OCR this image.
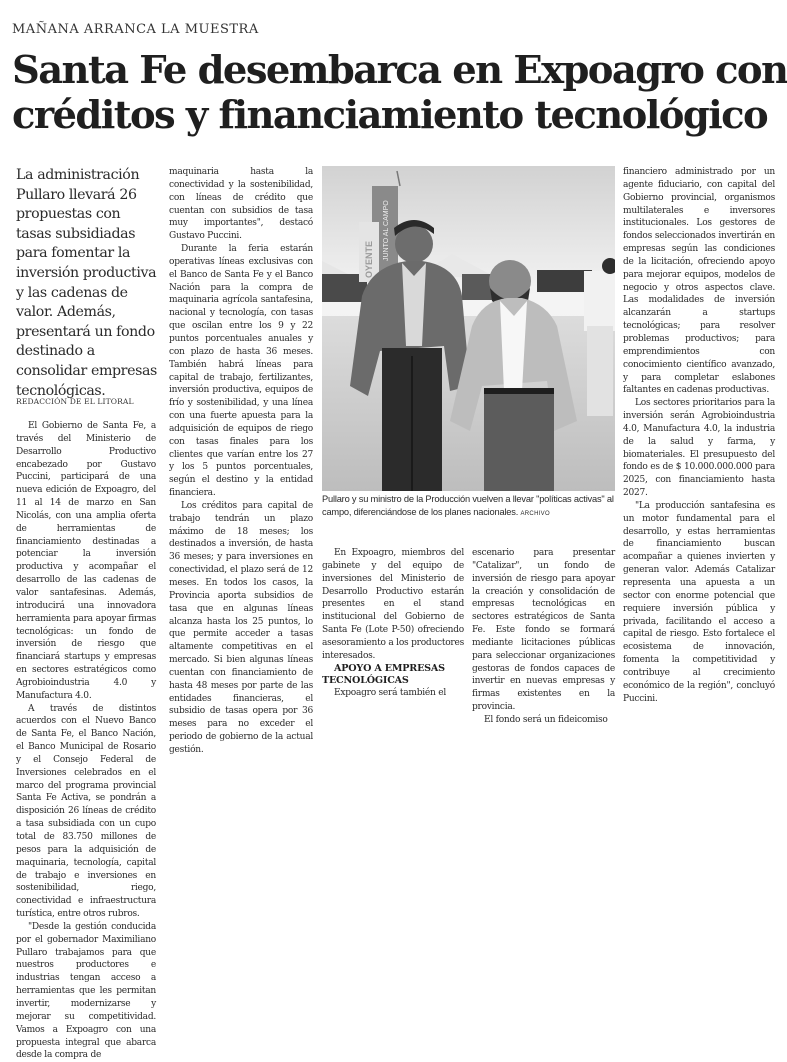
MAÑANA ARRANCA LA MUESTRA
Santa Fe desembarca en Expoagro con
créditos y financiamiento tecnológico

La administración Pullaro llevará 26 propuestas con tasas subsidiadas para fomentar la inversión productiva y las cadenas de valor. Además, presentará un fondo destinado a consolidar empresas tecnológicas.

REDACCIÓN DE EL LITORAL

El Gobierno de Santa Fe, a través del Ministerio de Desarrollo Productivo encabezado por Gustavo Puccini, participará de una nueva edición de Expoagro, del 11 al 14 de marzo en San Nicolás, con una amplia oferta de herramientas de financiamiento destinadas a potenciar la inversión productiva y acompañar el desarrollo de las cadenas de valor santafesinas. Además, introducirá una innovadora herramienta para apoyar firmas tecnológicas: un fondo de inversión de riesgo que financiará startups y empresas en sectores estratégicos como Agrobioindustria 4.0 y Manufactura 4.0.

A través de distintos acuerdos con el Nuevo Banco de Santa Fe, el Banco Nación, el Banco Municipal de Rosario y el Consejo Federal de Inversiones celebrados en el marco del programa provincial Santa Fe Activa, se pondrán a disposición 26 líneas de crédito a tasa subsidiada con un cupo total de 83.750 millones de pesos para la adquisición de maquinaria, tecnología, capital de trabajo e inversiones en sostenibilidad, riego, conectividad e infraestructura turística, entre otros rubros.

"Desde la gestión conducida por el gobernador Maximiliano Pullaro trabajamos para que nuestros productores e industrias tengan acceso a herramientas que les permitan invertir, modernizarse y mejorar su competitividad. Vamos a Expoagro con una propuesta integral que abarca desde la compra de

maquinaria hasta la conectividad y la sostenibilidad, con líneas de crédito que cuentan con subsidios de tasa muy importantes", destacó Gustavo Puccini.

Durante la feria estarán operativas líneas exclusivas con el Banco de Santa Fe y el Banco Nación para la compra de maquinaria agrícola santafesina, nacional y tecnología, con tasas que oscilan entre los 9 y 22 puntos porcentuales anuales y con plazo de hasta 36 meses. También habrá líneas para capital de trabajo, fertilizantes, inversión productiva, equipos de frío y sostenibilidad, y una línea con una fuerte apuesta para la adquisición de equipos de riego con tasas finales para los clientes que varían entre los 27 y los 5 puntos porcentuales, según el destino y la entidad financiera.

Los créditos para capital de trabajo tendrán un plazo máximo de 18 meses; los destinados a inversión, de hasta 36 meses; y para inversiones en conectividad, el plazo será de 12 meses. En todos los casos, la Provincia aporta subsidios de tasa que en algunas líneas alcanza hasta los 25 puntos, lo que permite acceder a tasas altamente competitivas en el mercado. Si bien algunas líneas cuentan con financiamiento de hasta 48 meses por parte de las entidades financieras, el subsidio de tasas opera por 36 meses para no exceder el periodo de gobierno de la actual gestión.

JUNTO AL CAMPO
OYENTE
Pullaro y su ministro de la Producción vuelven a llevar "políticas activas" al campo, diferenciándose de los planes nacionales. ARCHIVO

En Expoagro, miembros del gabinete y del equipo de inversiones del Ministerio de Desarrollo Productivo estarán presentes en el stand institucional del Gobierno de Santa Fe (Lote P-50) ofreciendo asesoramiento a los productores interesados.

APOYO A EMPRESAS TECNOLÓGICAS

Expoagro será también el

escenario para presentar "Catalizar", un fondo de inversión de riesgo para apoyar la creación y consolidación de empresas tecnológicas en sectores estratégicos de Santa Fe. Este fondo se formará mediante licitaciones públicas para seleccionar organizaciones gestoras de fondos capaces de invertir en nuevas empresas y firmas existentes en la provincia.

El fondo será un fideicomiso

financiero administrado por un agente fiduciario, con capital del Gobierno provincial, organismos multilaterales e inversores institucionales. Los gestores de fondos seleccionados invertirán en empresas según las condiciones de la licitación, ofreciendo apoyo para mejorar equipos, modelos de negocio y otros aspectos clave. Las modalidades de inversión alcanzarán a startups tecnológicas; para resolver problemas productivos; para emprendimientos con conocimiento científico avanzado, y para completar eslabones faltantes en cadenas productivas.

Los sectores prioritarios para la inversión serán Agrobioindustria 4.0, Manufactura 4.0, la industria de la salud y farma, y biomateriales. El presupuesto del fondo es de $ 10.000.000.000 para 2025, con financiamiento hasta 2027.

"La producción santafesina es un motor fundamental para el desarrollo, y estas herramientas de financiamiento buscan acompañar a quienes invierten y generan valor. Además Catalizar representa una apuesta a un sector con enorme potencial que requiere inversión pública y privada, facilitando el acceso a capital de riesgo. Esto fortalece el ecosistema de innovación, fomenta la competitividad y contribuye al crecimiento económico de la región", concluyó Puccini.
